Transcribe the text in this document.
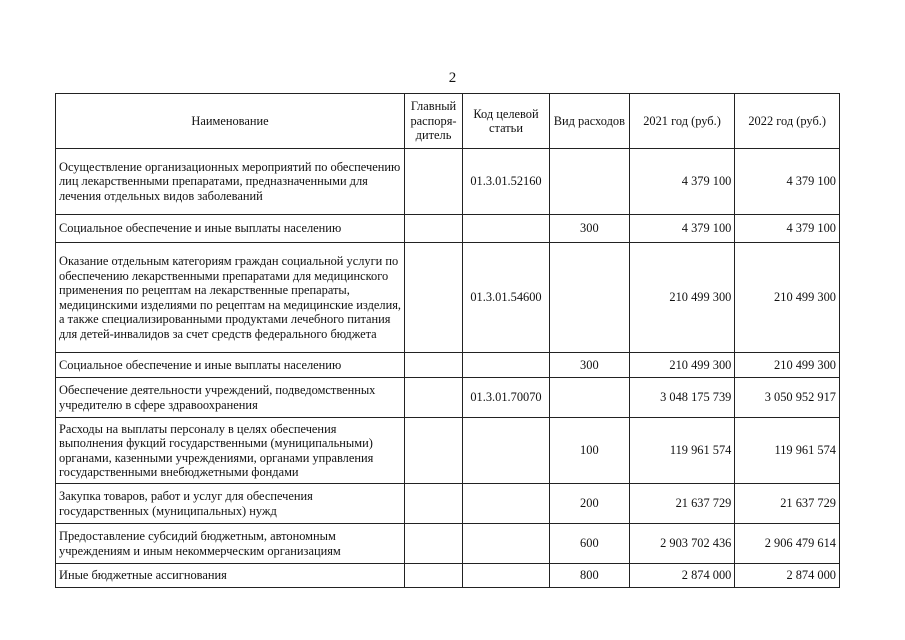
2
Наименование	Главный распоря-дитель	Код целевой статьи	Вид расходов	2021 год (руб.)	2022 год (руб.)
Осуществление организационных мероприятий по обеспечению лиц лекарственными препаратами, предназначенными для лечения отдельных видов заболеваний		01.3.01.52160		4 379 100	4 379 100
Социальное обеспечение и иные выплаты населению			300	4 379 100	4 379 100
Оказание отдельным категориям граждан социальной услуги по обеспечению лекарственными препаратами для медицинского применения по рецептам на лекарственные препараты, медицинскими изделиями по рецептам на медицинские изделия, а также специализированными продуктами лечебного питания для детей-инвалидов за счет средств федерального бюджета		01.3.01.54600		210 499 300	210 499 300
Социальное обеспечение и иные выплаты населению			300	210 499 300	210 499 300
Обеспечение деятельности учреждений, подведомственных учредителю в сфере здравоохранения		01.3.01.70070		3 048 175 739	3 050 952 917
Расходы на выплаты персоналу в целях обеспечения выполнения фукций государственными (муниципальными) органами, казенными учреждениями, органами управления государственными внебюджетными фондами			100	119 961 574	119 961 574
Закупка товаров, работ и услуг для обеспечения государственных (муниципальных) нужд			200	21 637 729	21 637 729
Предоставление субсидий бюджетным, автономным учреждениям и иным некоммерческим организациям			600	2 903 702 436	2 906 479 614
Иные бюджетные ассигнования			800	2 874 000	2 874 000
